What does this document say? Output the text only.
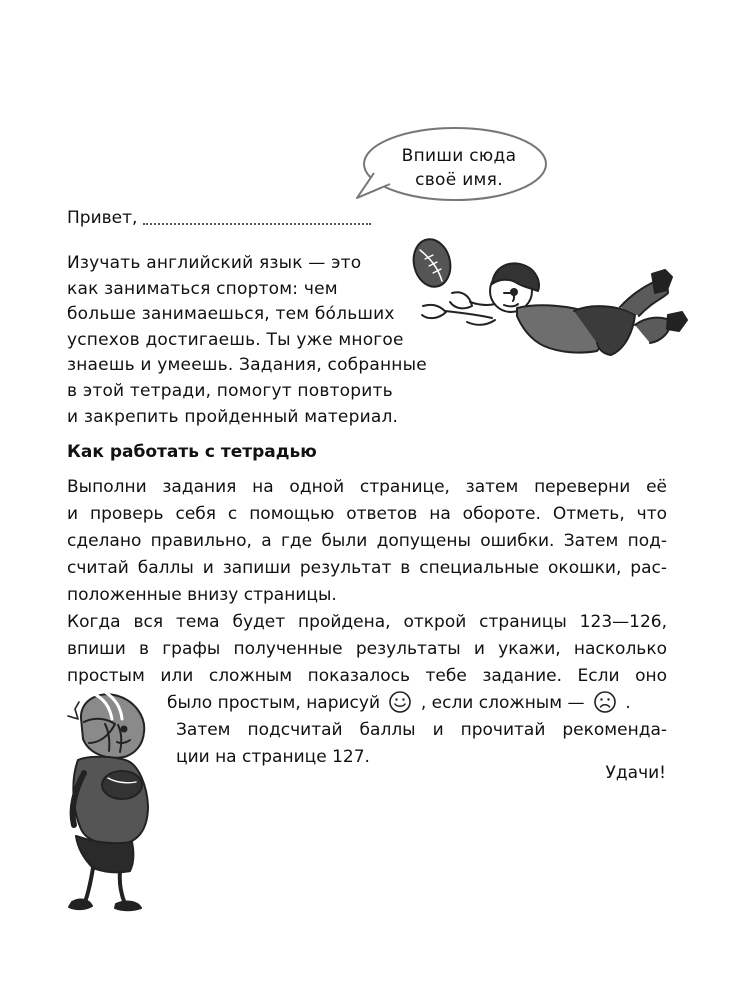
Впиши сюда
своё имя.
Привет,
Изучать английский язык — это
как заниматься спортом: чем
больше занимаешься, тем бо́льших
успехов достигаешь. Ты уже многое
знаешь и умеешь. Задания, собранные
в этой тетради, помогут повторить
и закрепить пройденный материал.
Как работать с тетрадью
Выполни задания на одной странице, затем переверни её
и проверь себя с помощью ответов на обороте. Отметь, что
сделано правильно, а где были допущены ошибки. Затем под-
считай баллы и запиши результат в специальные окошки, рас-
положенные внизу страницы.
Когда вся тема будет пройдена, открой страницы 123—126,
впиши в графы полученные результаты и укажи, насколько
простым или сложным показалось тебе задание. Если оно
было простым, нарисуй , если сложным — .
Затем подсчитай баллы и прочитай рекоменда-
ции на странице 127.
Удачи!
